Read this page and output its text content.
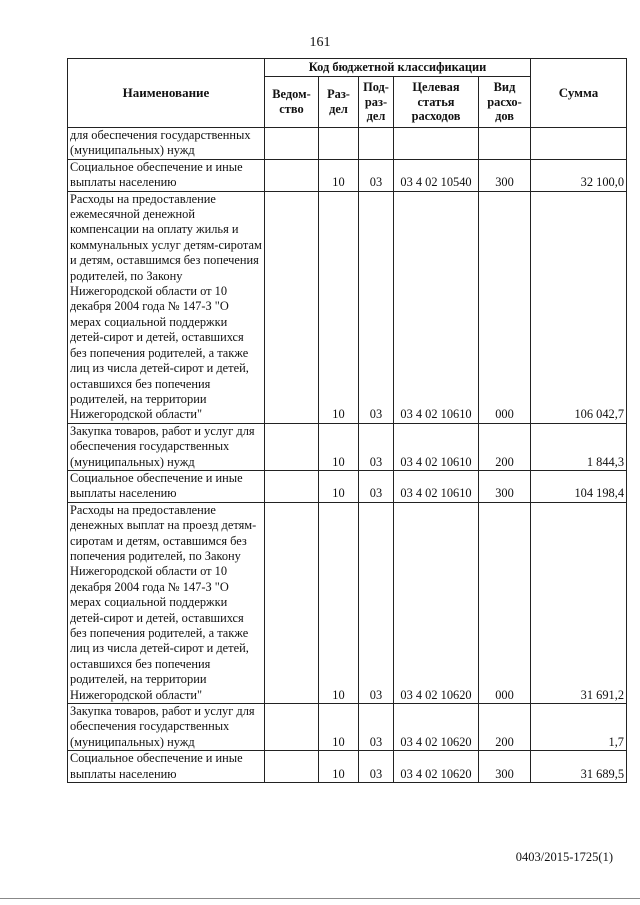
161
Наименование	Код бюджетной классификации					Сумма
	Ведом-ство	Раз-дел	Под-раз-дел	Целевая статья расходов	Вид расхо-дов	
для обеспечения государственных (муниципальных) нужд						
Социальное обеспечение и иные выплаты населению		10	03	03 4 02 10540	300	32 100,0
Расходы на предоставление ежемесячной денежной компенсации на оплату жилья и коммунальных услуг детям-сиротам и детям, оставшимся без попечения родителей, по Закону Нижегородской области от 10 декабря 2004 года № 147-З "О мерах социальной поддержки детей-сирот и детей, оставшихся без попечения родителей, а также лиц из числа детей-сирот и детей, оставшихся без попечения родителей, на территории Нижегородской области"		10	03	03 4 02 10610	000	106 042,7
Закупка товаров, работ и услуг для обеспечения государственных (муниципальных) нужд		10	03	03 4 02 10610	200	1 844,3
Социальное обеспечение и иные выплаты населению		10	03	03 4 02 10610	300	104 198,4
Расходы на предоставление денежных выплат на проезд детям-сиротам и детям, оставшимся без попечения родителей, по Закону Нижегородской области от 10 декабря 2004 года № 147-З "О мерах социальной поддержки детей-сирот и детей, оставшихся без попечения родителей, а также лиц из числа детей-сирот и детей, оставшихся без попечения родителей, на территории Нижегородской области"		10	03	03 4 02 10620	000	31 691,2
Закупка товаров, работ и услуг для обеспечения государственных (муниципальных) нужд		10	03	03 4 02 10620	200	1,7
Социальное обеспечение и иные выплаты населению		10	03	03 4 02 10620	300	31 689,5
0403/2015-1725(1)
